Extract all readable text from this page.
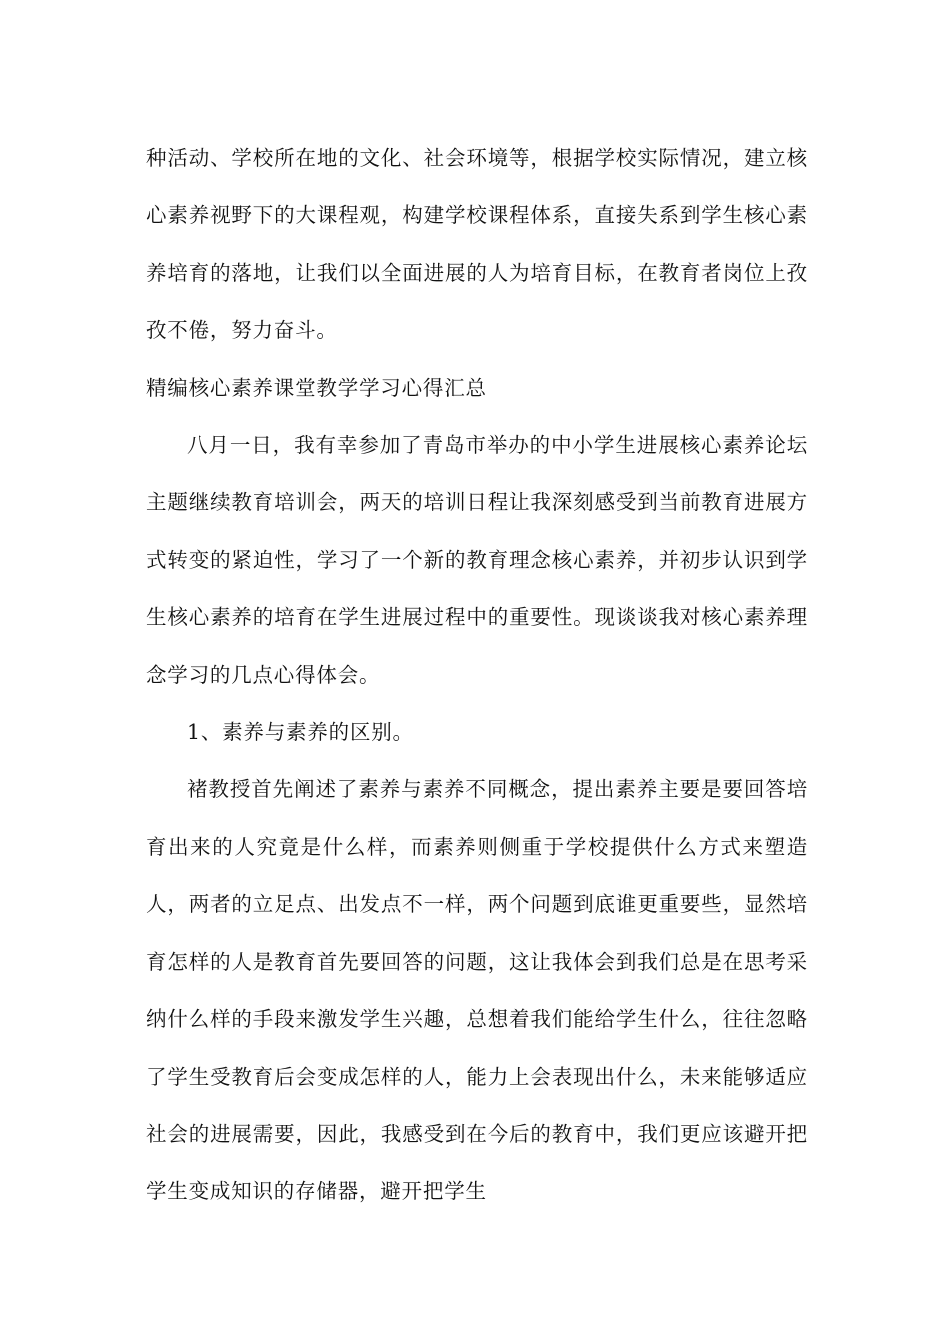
种活动、学校所在地的文化、社会环境等，根据学校实际情况，建立核心素养视野下的大课程观，构建学校课程体系，直接失系到学生核心素养培育的落地，让我们以全面进展的人为培育目标，在教育者岗位上孜孜不倦，努力奋斗。

精编核心素养课堂教学学习心得汇总

八月一日，我有幸参加了青岛市举办的中小学生进展核心素养论坛主题继续教育培训会，两天的培训日程让我深刻感受到当前教育进展方式转变的紧迫性，学习了一个新的教育理念核心素养，并初步认识到学生核心素养的培育在学生进展过程中的重要性。现谈谈我对核心素养理念学习的几点心得体会。

1、素养与素养的区别。

褚教授首先阐述了素养与素养不同概念，提出素养主要是要回答培育出来的人究竟是什么样，而素养则侧重于学校提供什么方式来塑造人，两者的立足点、出发点不一样，两个问题到底谁更重要些，显然培育怎样的人是教育首先要回答的问题，这让我体会到我们总是在思考采纳什么样的手段来激发学生兴趣，总想着我们能给学生什么，往往忽略了学生受教育后会变成怎样的人，能力上会表现出什么，未来能够适应社会的进展需要，因此，我感受到在今后的教育中，我们更应该避开把学生变成知识的存储器，避开把学生
